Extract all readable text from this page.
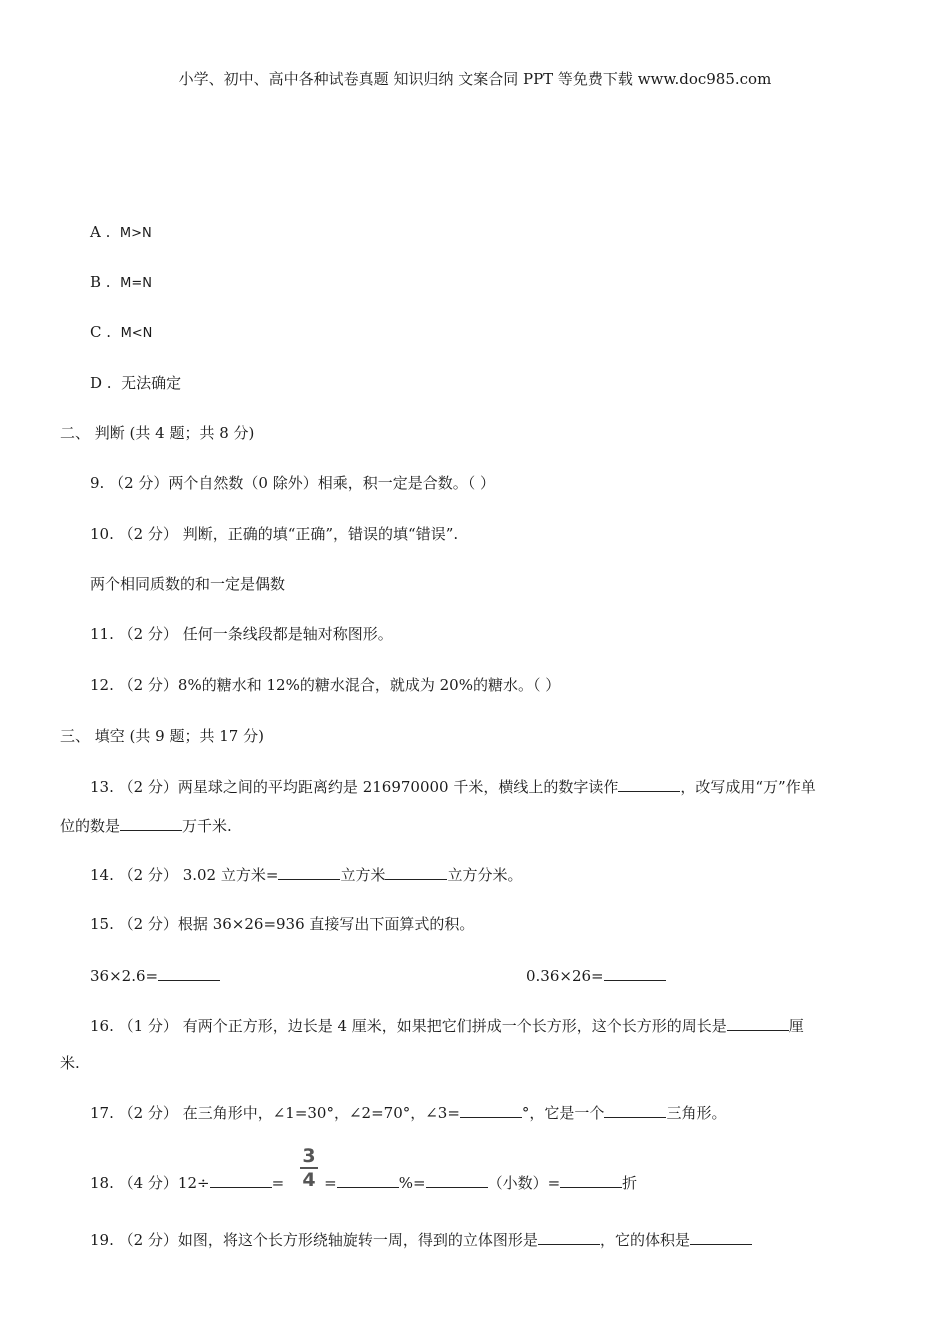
小学、初中、高中各种试卷真题 知识归纳 文案合同 PPT 等免费下载 www.doc985.com
A . M>N
B . M=N
C . M<N
D . 无法确定
二、 判断 (共 4 题；共 8 分)
9. （2 分）两个自然数（0 除外）相乘，积一定是合数。（ ）
10. （2 分） 判断，正确的填“正确”，错误的填“错误”.
两个相同质数的和一定是偶数
11. （2 分） 任何一条线段都是轴对称图形。
12. （2 分）8%的糖水和 12%的糖水混合，就成为 20%的糖水。（ ）
三、 填空 (共 9 题；共 17 分)
13. （2 分）两星球之间的平均距离约是 216970000 千米，横线上的数字读作	，改写成用“万”作单
位的数是	万千米.
14. （2 分） 3.02 立方米=	立方米	立方分米。
15. （2 分）根据 36×26=936 直接写出下面算式的积。
36×2.6=	0.36×26=
16. （1 分） 有两个正方形，边长是 4 厘米，如果把它们拼成一个长方形，这个长方形的周长是	厘
米.
17. （2 分） 在三角形中，∠1=30°，∠2=70°，∠3=	°，它是一个	三角形。
18. （4 分）12÷	=	=	%=	（小数）=	折
3
4
19. （2 分）如图，将这个长方形绕轴旋转一周，得到的立体图形是	，它的体积是
